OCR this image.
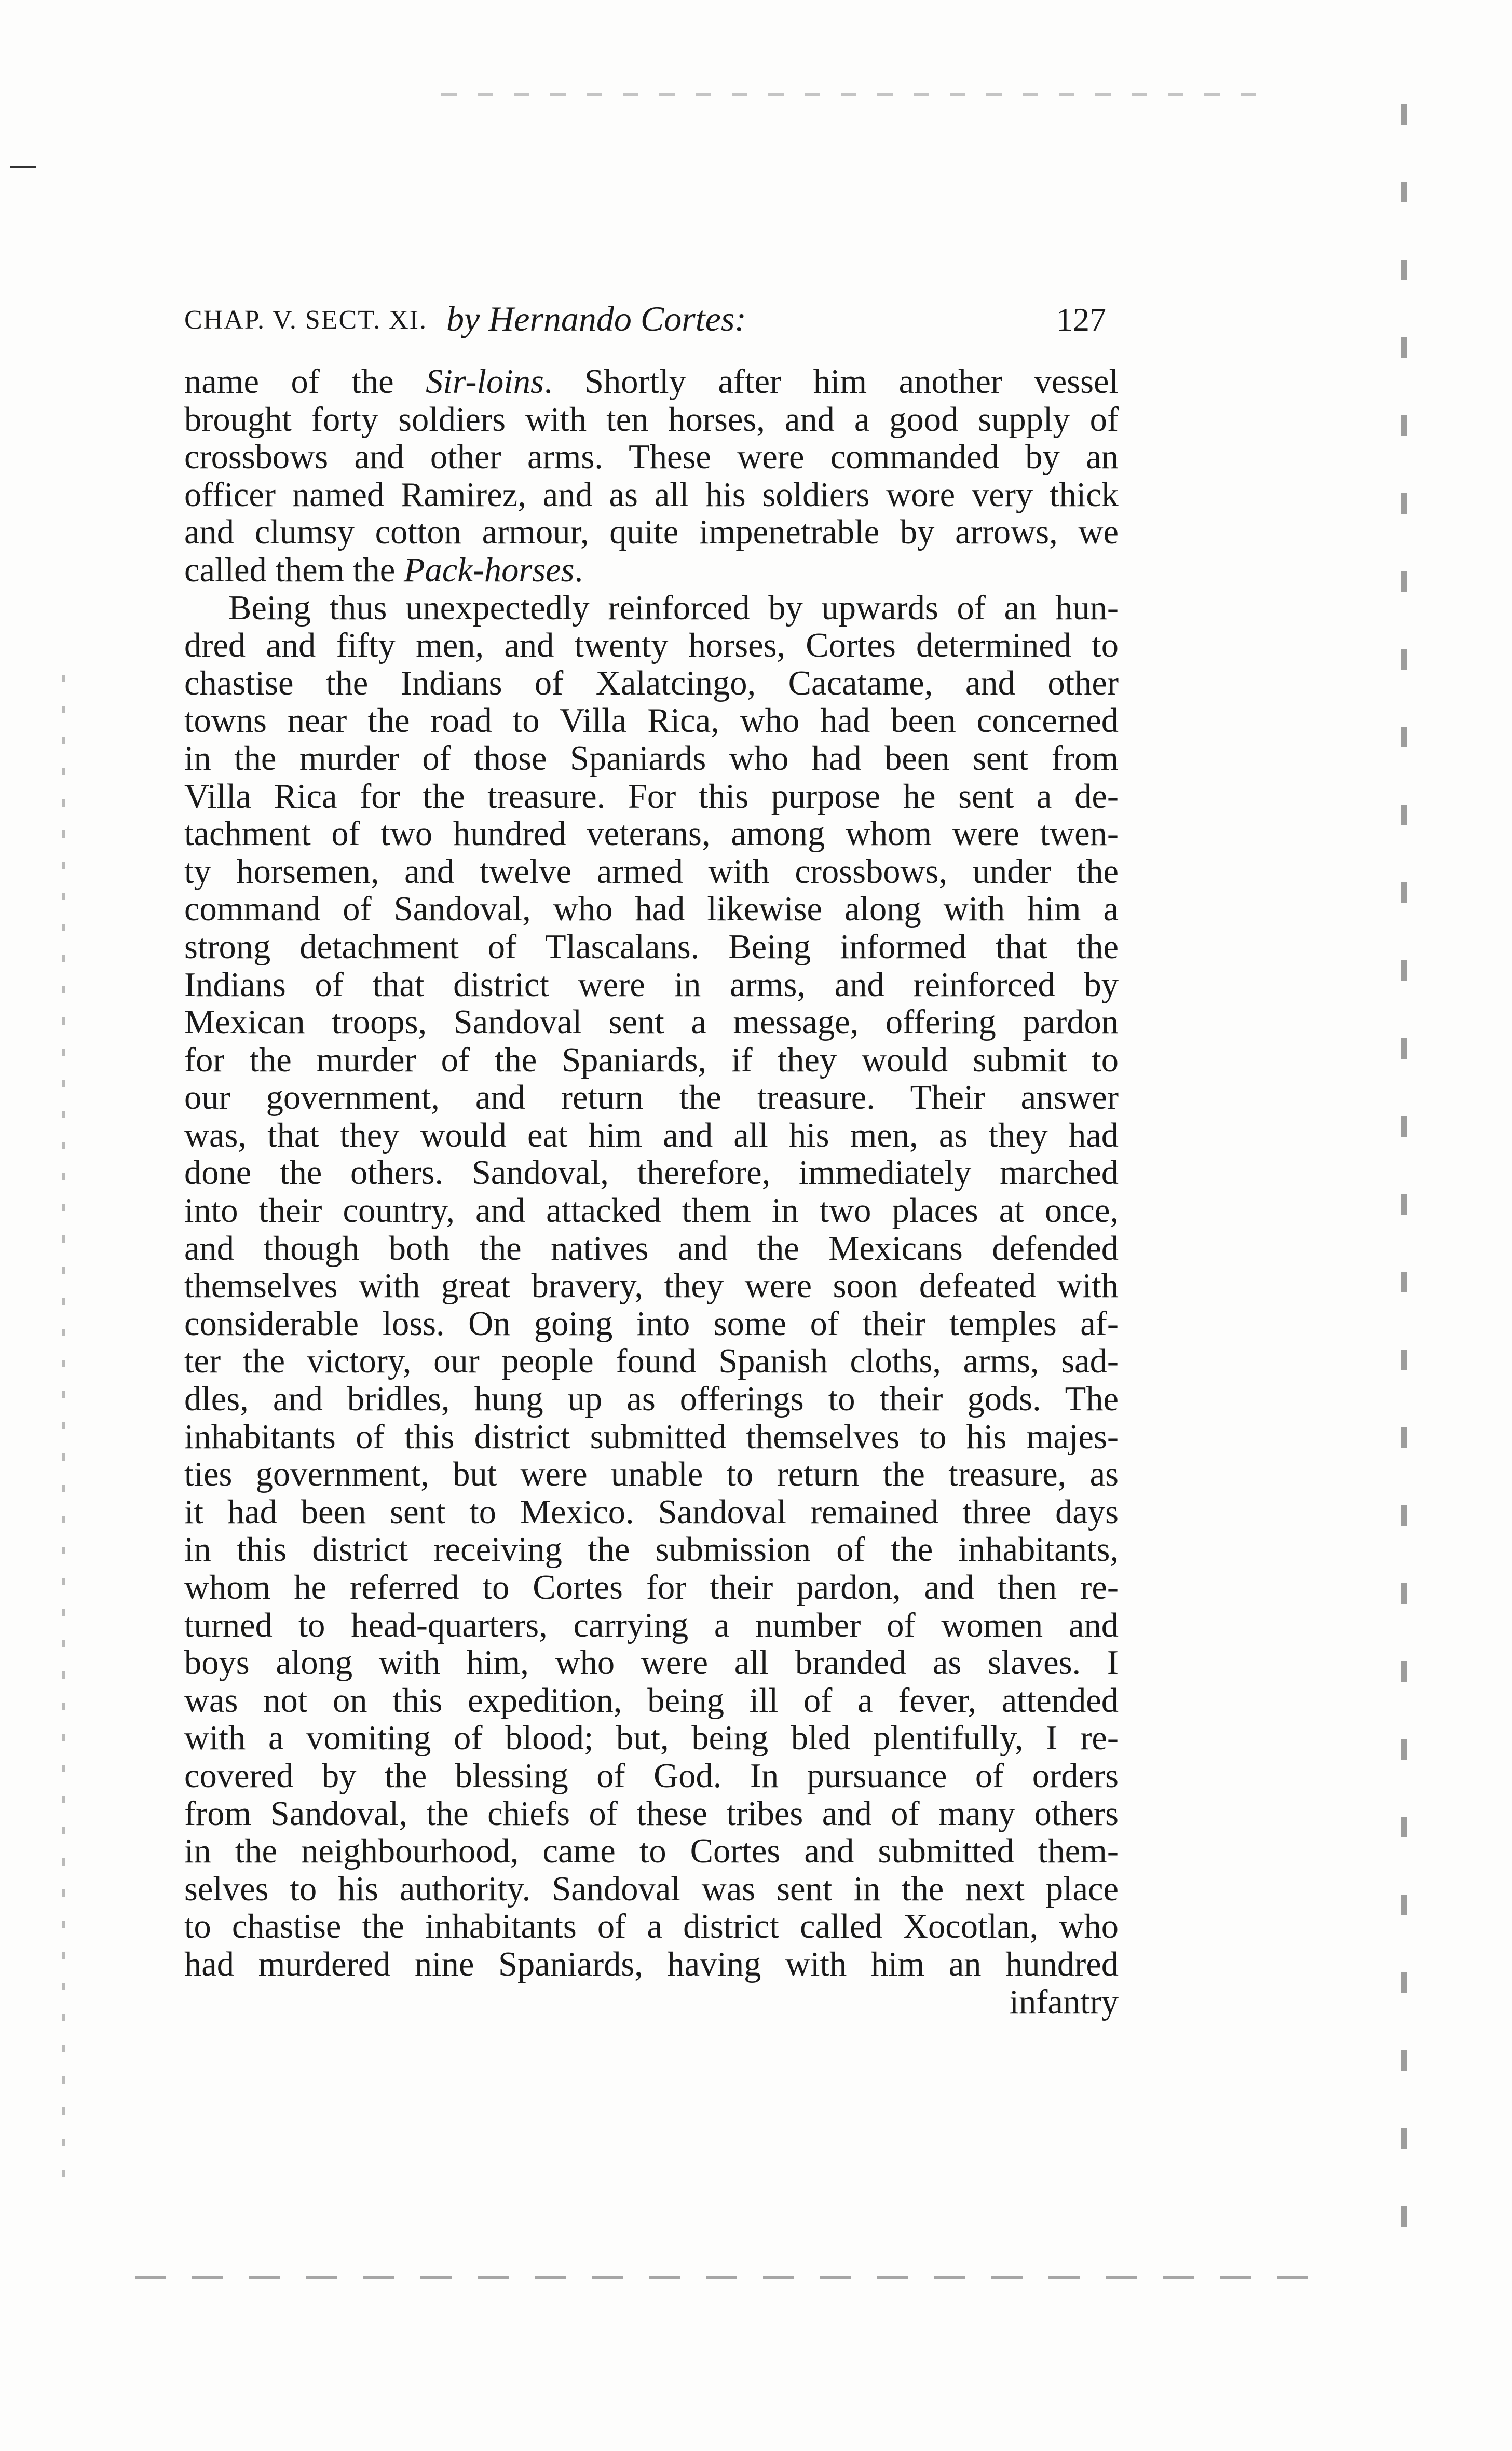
CHAP. V. SECT. XI. by Hernando Cortes:	127
name of the Sir-loins. Shortly after him another vessel
brought forty soldiers with ten horses, and a good supply of
crossbows and other arms. These were commanded by an
officer named Ramirez, and as all his soldiers wore very thick
and clumsy cotton armour, quite impenetrable by arrows, we
called them the Pack-horses.
Being thus unexpectedly reinforced by upwards of an hun-
dred and fifty men, and twenty horses, Cortes determined to
chastise the Indians of Xalatcingo, Cacatame, and other
towns near the road to Villa Rica, who had been concerned
in the murder of those Spaniards who had been sent from
Villa Rica for the treasure. For this purpose he sent a de-
tachment of two hundred veterans, among whom were twen-
ty horsemen, and twelve armed with crossbows, under the
command of Sandoval, who had likewise along with him a
strong detachment of Tlascalans. Being informed that the
Indians of that district were in arms, and reinforced by
Mexican troops, Sandoval sent a message, offering pardon
for the murder of the Spaniards, if they would submit to
our government, and return the treasure. Their answer
was, that they would eat him and all his men, as they had
done the others. Sandoval, therefore, immediately marched
into their country, and attacked them in two places at once,
and though both the natives and the Mexicans defended
themselves with great bravery, they were soon defeated with
considerable loss. On going into some of their temples af-
ter the victory, our people found Spanish cloths, arms, sad-
dles, and bridles, hung up as offerings to their gods. The
inhabitants of this district submitted themselves to his majes-
ties government, but were unable to return the treasure, as
it had been sent to Mexico. Sandoval remained three days
in this district receiving the submission of the inhabitants,
whom he referred to Cortes for their pardon, and then re-
turned to head-quarters, carrying a number of women and
boys along with him, who were all branded as slaves. I
was not on this expedition, being ill of a fever, attended
with a vomiting of blood; but, being bled plentifully, I re-
covered by the blessing of God. In pursuance of orders
from Sandoval, the chiefs of these tribes and of many others
in the neighbourhood, came to Cortes and submitted them-
selves to his authority. Sandoval was sent in the next place
to chastise the inhabitants of a district called Xocotlan, who
had murdered nine Spaniards, having with him an hundred
infantry
